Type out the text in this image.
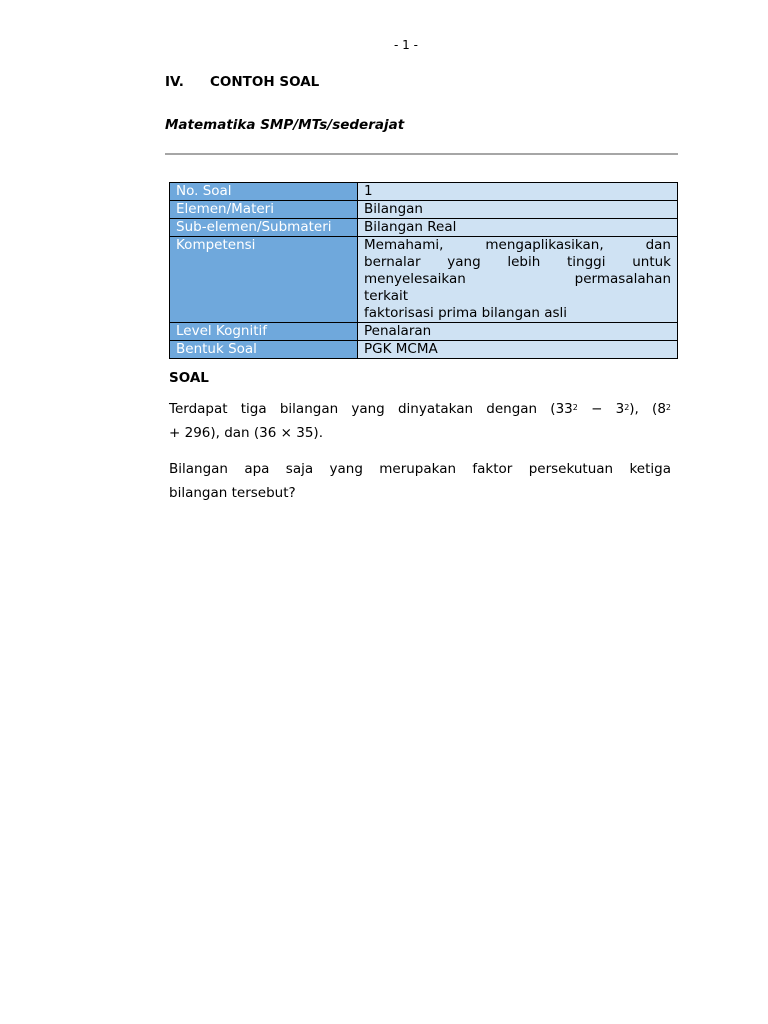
- 1 -
IV. CONTOH SOAL
Matematika SMP/MTs/sederajat
No. Soal	1
Elemen/Materi	Bilangan
Sub-elemen/Submateri	Bilangan Real
Kompetensi	Memahami, mengaplikasikan, dan
bernalar yang lebih tinggi untuk
menyelesaikan permasalahan
terkait
faktorisasi prima bilangan asli

Level Kognitif	Penalaran
Bentuk Soal	PGK MCMA
SOAL
Terdapat tiga bilangan yang dinyatakan dengan $(33^2 - 3^2)$, ($8^2$
+ 296), dan (36 × 35).
Bilangan apa saja yang merupakan faktor persekutuan ketiga
bilangan tersebut?
